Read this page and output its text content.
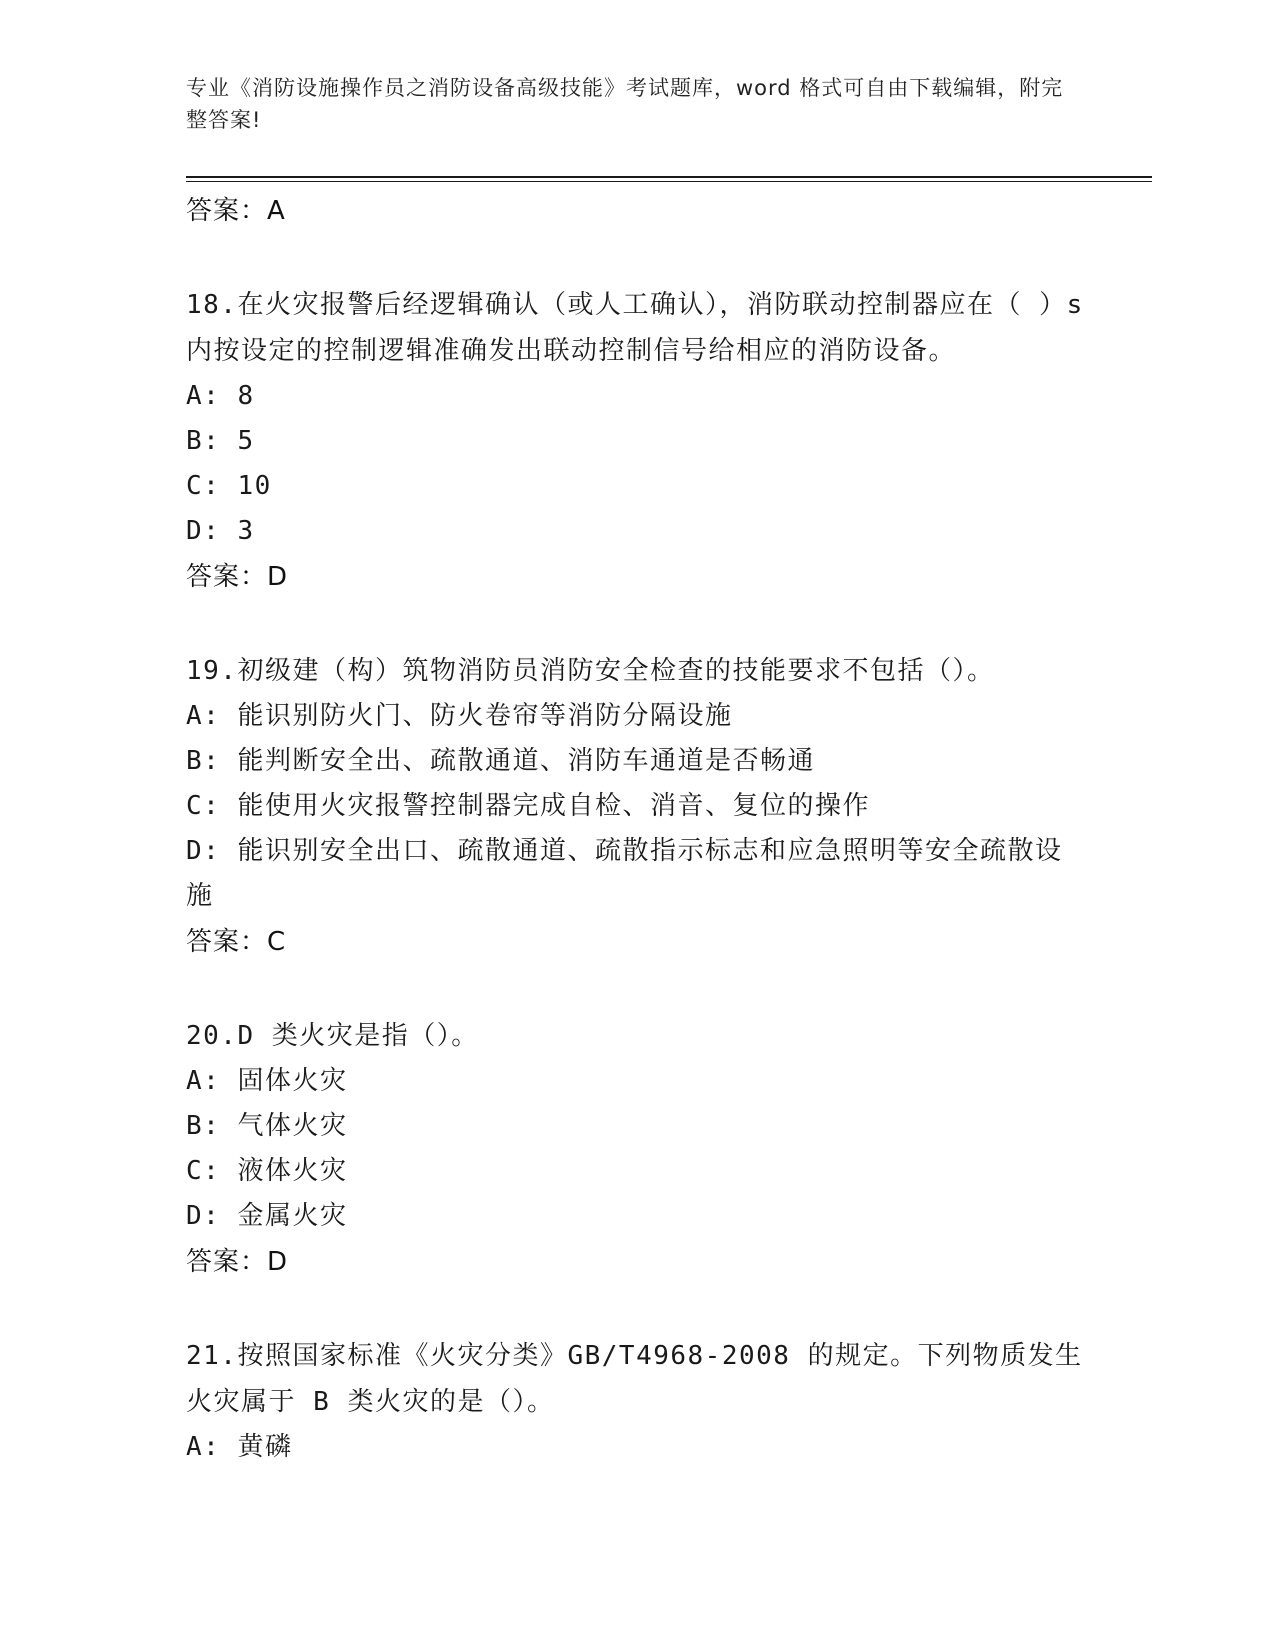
专业《消防设施操作员之消防设备高级技能》考试题库，word 格式可自由下载编辑，附完整答案!
答案：A
18.在火灾报警后经逻辑确认（或人工确认），消防联动控制器应在（ ）s 内按设定的控制逻辑准确发出联动控制信号给相应的消防设备。
A: 8
B: 5
C: 10
D: 3
答案：D
19.初级建（构）筑物消防员消防安全检查的技能要求不包括（）。
A: 能识别防火门、防火卷帘等消防分隔设施
B: 能判断安全出、疏散通道、消防车通道是否畅通
C: 能使用火灾报警控制器完成自检、消音、复位的操作
D: 能识别安全出口、疏散通道、疏散指示标志和应急照明等安全疏散设施
答案：C
20.D 类火灾是指（）。
A: 固体火灾
B: 气体火灾
C: 液体火灾
D: 金属火灾
答案：D
21.按照国家标准《火灾分类》GB/T4968-2008 的规定。下列物质发生火灾属于 B 类火灾的是（）。
A: 黄磷
